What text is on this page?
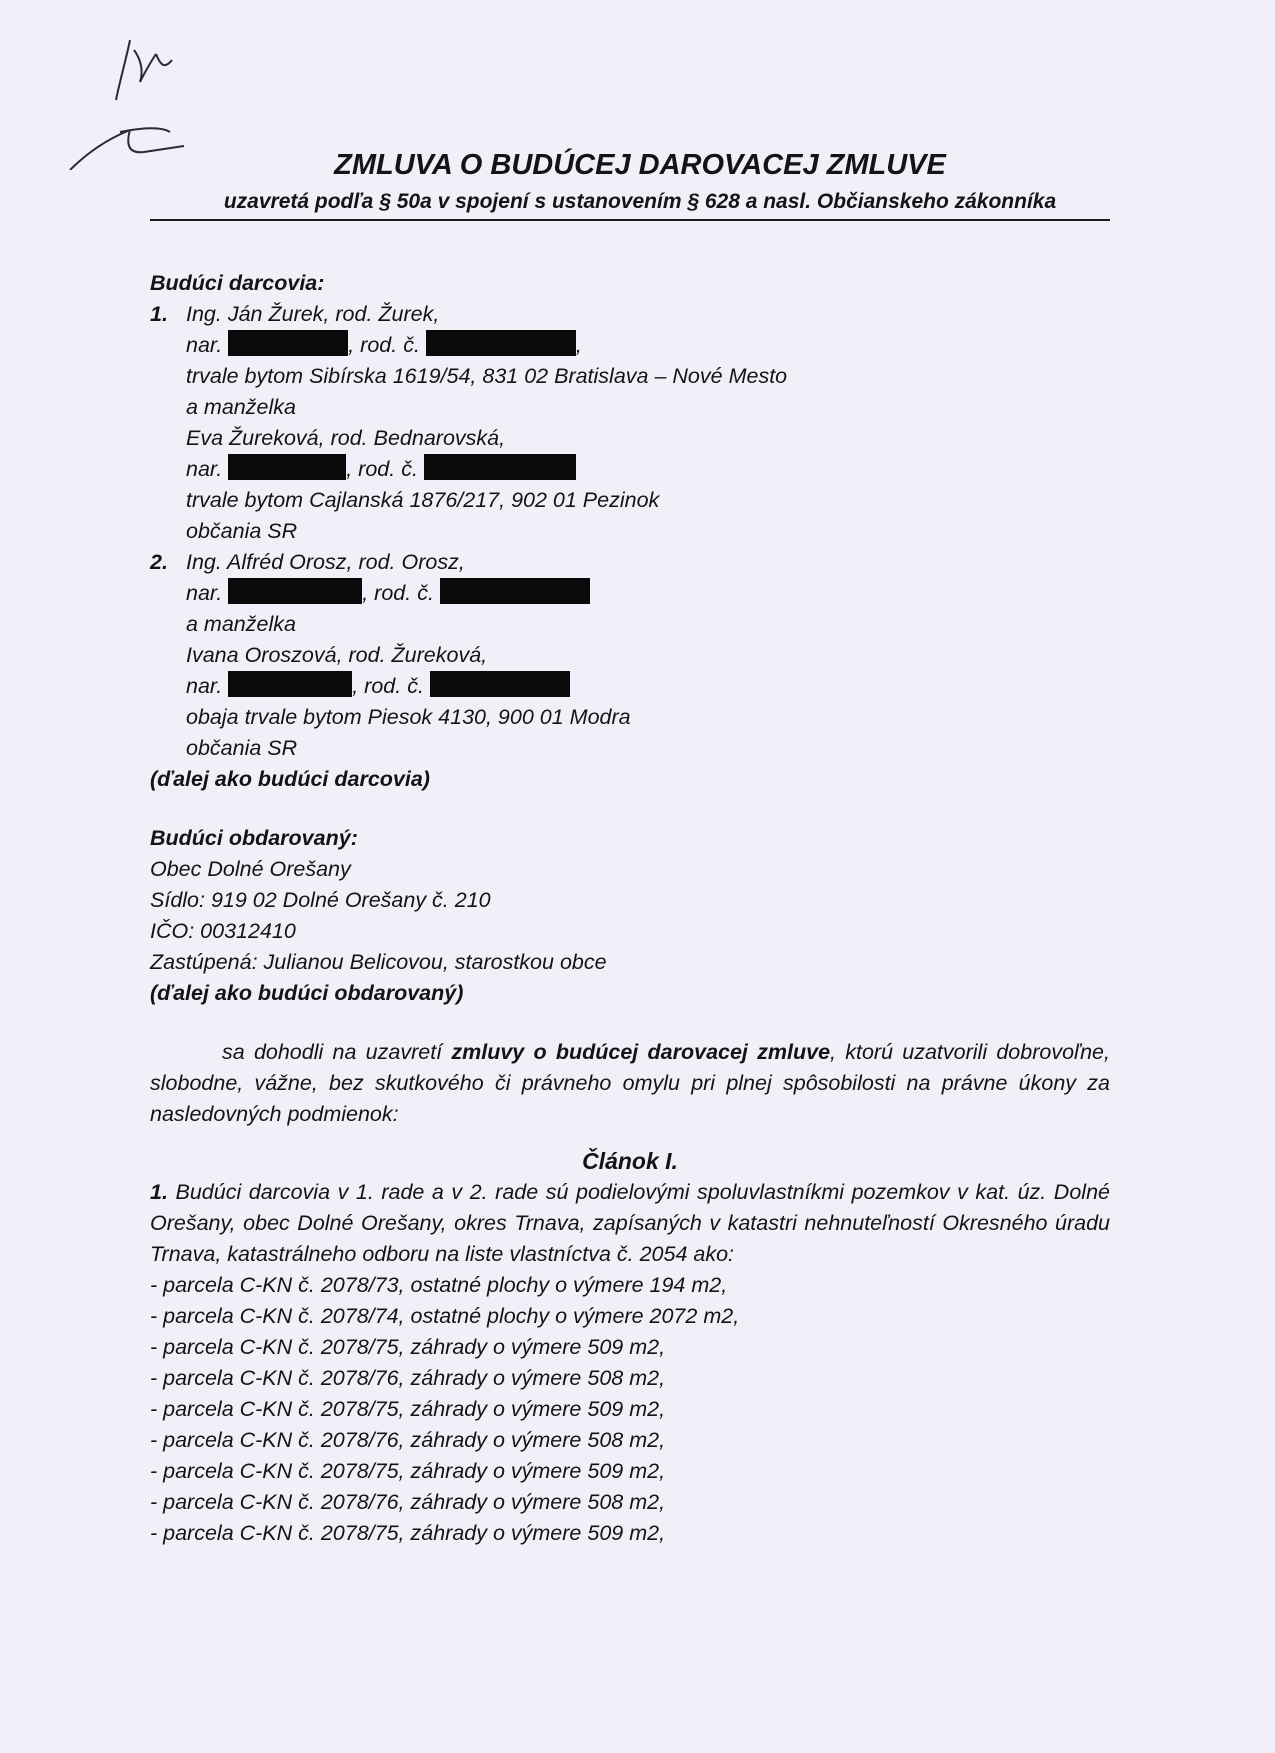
ZMLUVA O BUDÚCEJ DAROVACEJ ZMLUVE
uzavretá podľa § 50a v spojení s ustanovením § 628 a nasl. Občianskeho zákonníka

Budúci darcovia:

1. Ing. Ján Žurek, rod. Žurek,

nar.	, rod. č.	,

trvale bytom Sibírska 1619/54, 831 02 Bratislava – Nové Mesto

a manželka

Eva Žureková, rod. Bednarovská,

nar.	, rod. č.

trvale bytom Cajlanská 1876/217, 902 01 Pezinok

občania SR

2. Ing. Alfréd Orosz, rod. Orosz,

nar.	, rod. č.

a manželka

Ivana Oroszová, rod. Žureková,

nar.	, rod. č.

obaja trvale bytom Piesok 4130, 900 01 Modra

občania SR

(ďalej ako budúci darcovia)

Budúci obdarovaný:

Obec Dolné Orešany

Sídlo: 919 02 Dolné Orešany č. 210

IČO: 00312410

Zastúpená: Julianou Belicovou, starostkou obce

(ďalej ako budúci obdarovaný)

sa dohodli na uzavretí zmluvy o budúcej darovacej zmluve, ktorú uzatvorili dobrovoľne, slobodne, vážne, bez skutkového či právneho omylu pri plnej spôsobilosti na právne úkony za nasledovných podmienok:

Článok I.

1. Budúci darcovia v 1. rade a v 2. rade sú podielovými spoluvlastníkmi pozemkov v kat. úz. Dolné Orešany, obec Dolné Orešany, okres Trnava, zapísaných v katastri nehnuteľností Okresného úradu Trnava, katastrálneho odboru na liste vlastníctva č. 2054 ako:

- parcela C-KN č. 2078/73, ostatné plochy o výmere 194 m2,

- parcela C-KN č. 2078/74, ostatné plochy o výmere 2072 m2,

- parcela C-KN č. 2078/75, záhrady o výmere 509 m2,

- parcela C-KN č. 2078/76, záhrady o výmere 508 m2,

- parcela C-KN č. 2078/75, záhrady o výmere 509 m2,

- parcela C-KN č. 2078/76, záhrady o výmere 508 m2,

- parcela C-KN č. 2078/75, záhrady o výmere 509 m2,

- parcela C-KN č. 2078/76, záhrady o výmere 508 m2,

- parcela C-KN č. 2078/75, záhrady o výmere 509 m2,
